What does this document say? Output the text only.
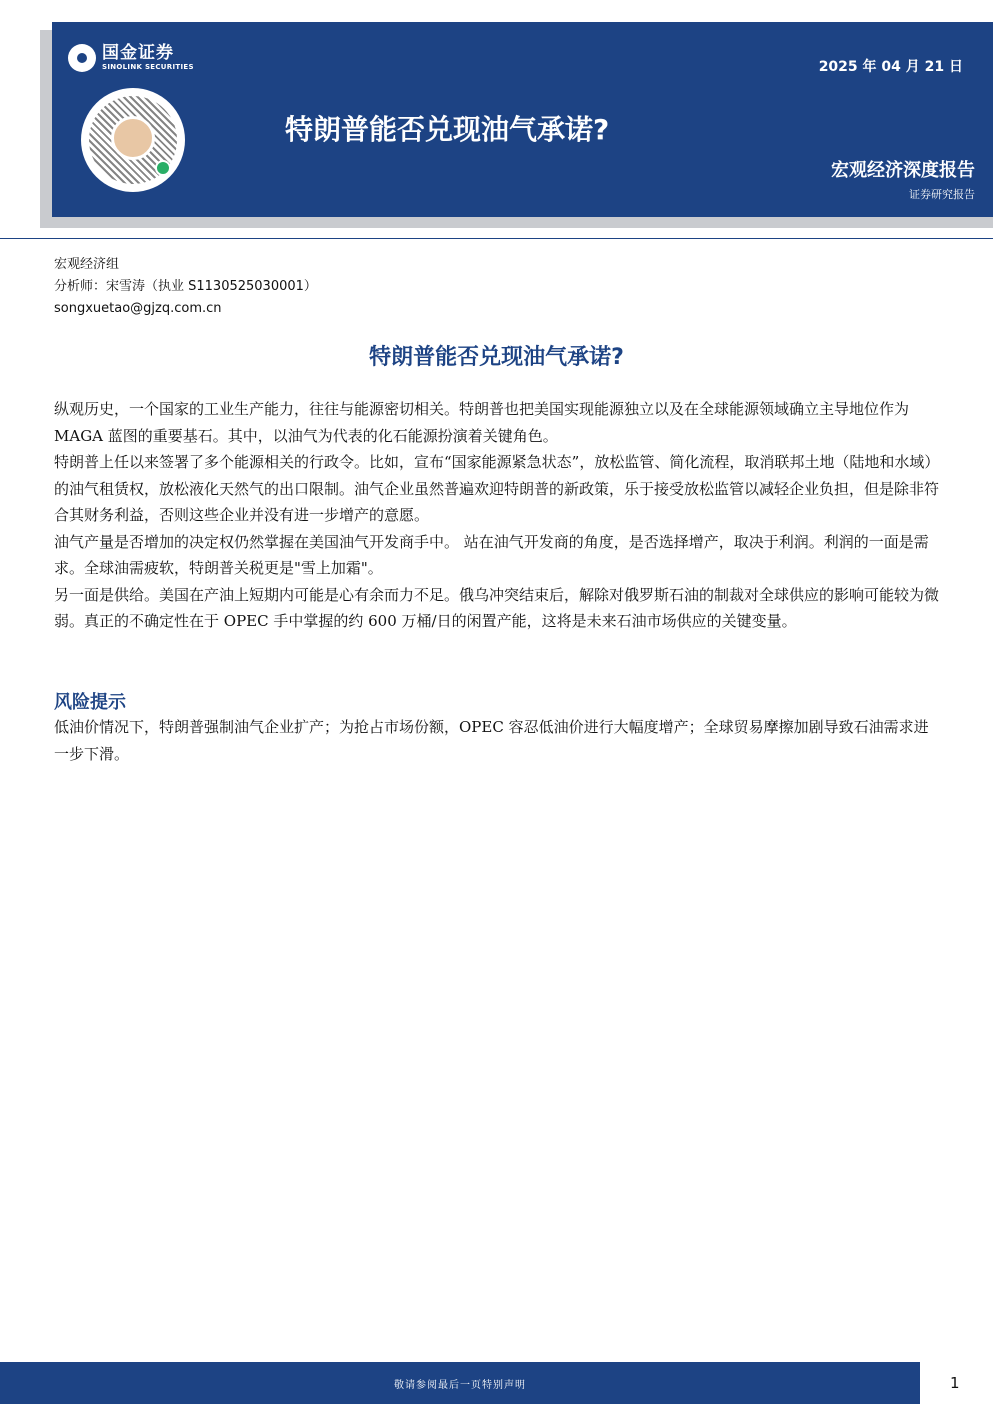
国金证券
SINOLINK SECURITIES	2025 年 04 月 21 日
特朗普能否兑现油气承诺?
宏观经济深度报告
证券研究报告
宏观经济组
分析师：宋雪涛（执业 S1130525030001）
songxuetao@gjzq.com.cn
特朗普能否兑现油气承诺?

纵观历史，一个国家的工业生产能力，往往与能源密切相关。特朗普也把美国实现能源独立以及在全球能源领域确立主导地位作为 MAGA 蓝图的重要基石。其中，以油气为代表的化石能源扮演着关键角色。

特朗普上任以来签署了多个能源相关的行政令。比如，宣布“国家能源紧急状态”，放松监管、简化流程，取消联邦土地（陆地和水域）的油气租赁权，放松液化天然气的出口限制。油气企业虽然普遍欢迎特朗普的新政策，乐于接受放松监管以减轻企业负担，但是除非符合其财务利益，否则这些企业并没有进一步增产的意愿。

油气产量是否增加的决定权仍然掌握在美国油气开发商手中。 站在油气开发商的角度，是否选择增产，取决于利润。利润的一面是需求。全球油需疲软，特朗普关税更是"雪上加霜"。

另一面是供给。美国在产油上短期内可能是心有余而力不足。俄乌冲突结束后，解除对俄罗斯石油的制裁对全球供应的影响可能较为微弱。真正的不确定性在于 OPEC 手中掌握的约 600 万桶/日的闲置产能，这将是未来石油市场供应的关键变量。

风险提示
低油价情况下，特朗普强制油气企业扩产；为抢占市场份额，OPEC 容忍低油价进行大幅度增产；全球贸易摩擦加剧导致石油需求进一步下滑。
敬请参阅最后一页特别声明	1
